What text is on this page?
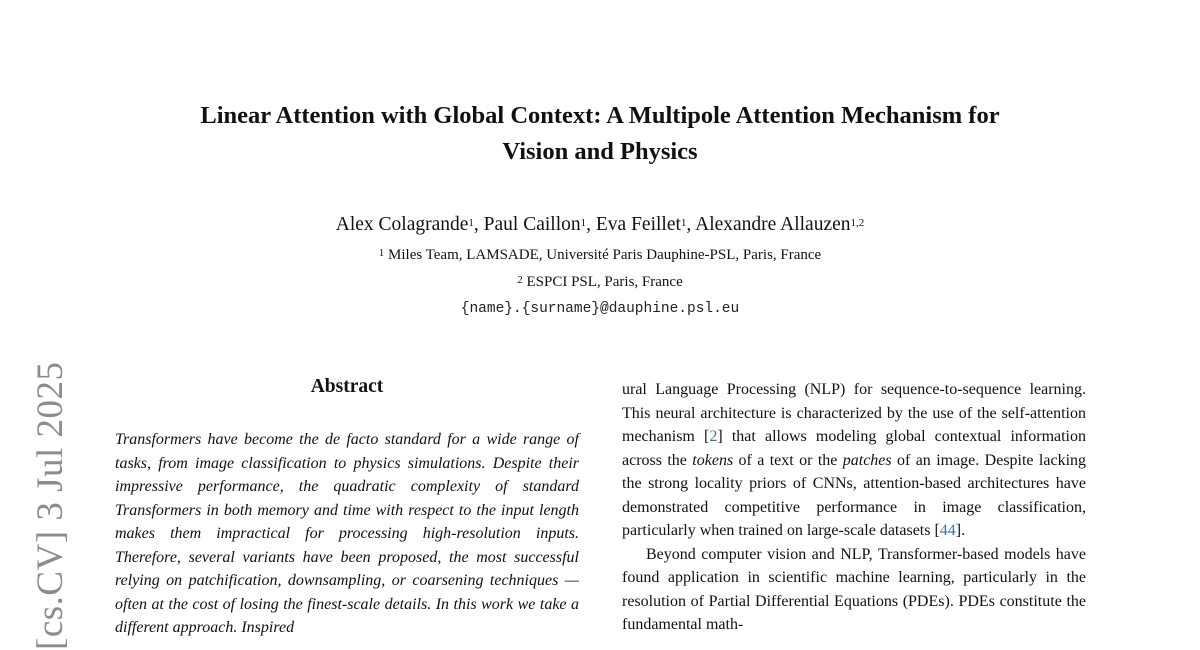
[cs.CV] 3 Jul 2025
Linear Attention with Global Context: A Multipole Attention Mechanism for
Vision and Physics
Alex Colagrande$^1$, Paul Caillon$^1$, Eva Feillet$^1$, Alexandre Allauzen$^{1,2}$
$^1$ Miles Team, LAMSADE, Université Paris Dauphine-PSL, Paris, France
$^2$ ESPCI PSL, Paris, France
{name}.{surname}@dauphine.psl.eu
Abstract
Transformers have become the de facto standard for a wide range of tasks, from image classification to physics simulations. Despite their impressive performance, the quadratic complexity of standard Transformers in both memory and time with respect to the input length makes them impractical for processing high-resolution inputs. Therefore, several variants have been proposed, the most successful relying on patchification, downsampling, or coarsening techniques — often at the cost of losing the finest-scale details. In this work we take a different approach. Inspired

ural Language Processing (NLP) for sequence-to-sequence learning. This neural architecture is characterized by the use of the self-attention mechanism [2] that allows modeling global contextual information across the tokens of a text or the patches of an image. Despite lacking the strong locality priors of CNNs, attention-based architectures have demonstrated competitive performance in image classification, particularly when trained on large-scale datasets [44].

Beyond computer vision and NLP, Transformer-based models have found application in scientific machine learning, particularly in the resolution of Partial Differential Equations (PDEs). PDEs constitute the fundamental math-
